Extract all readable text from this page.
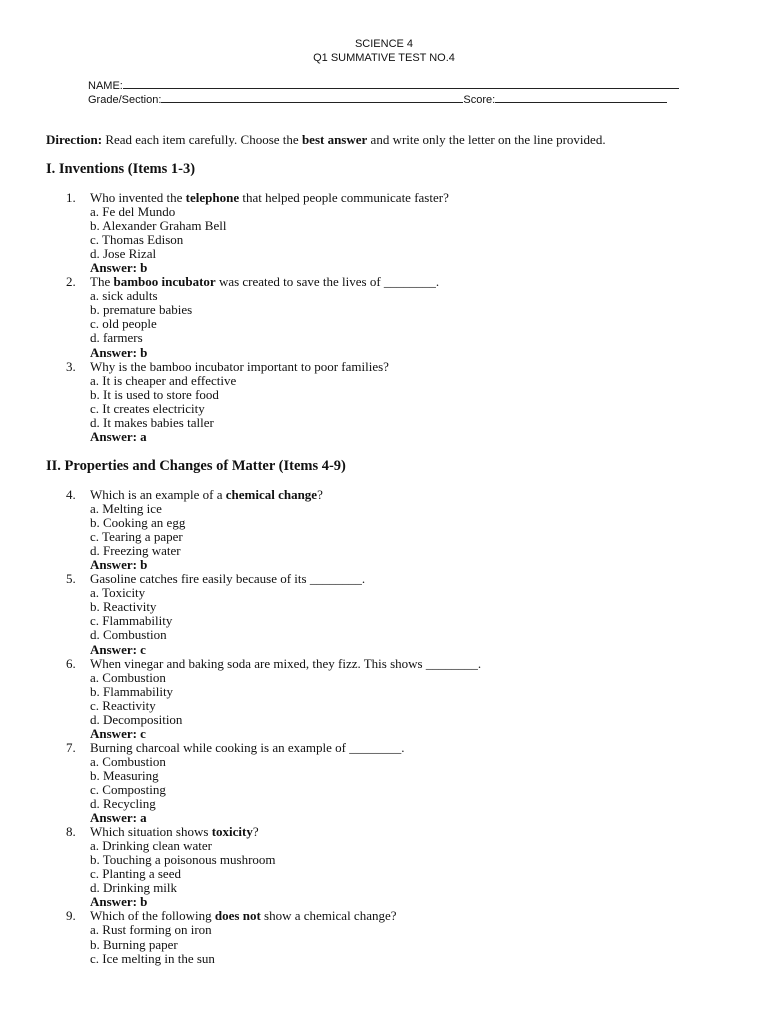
SCIENCE 4
Q1 SUMMATIVE TEST NO.4
NAME:
Grade/Section:	Score:
Direction: Read each item carefully. Choose the best answer and write only the letter on the line provided.
I. Inventions (Items 1-3)
1.	Who invented the telephone that helped people communicate faster?
a. Fe del Mundo
b. Alexander Graham Bell
c. Thomas Edison
d. Jose Rizal
Answer: b
2.	The bamboo incubator was created to save the lives of ________.
a. sick adults
b. premature babies
c. old people
d. farmers
Answer: b
3.	Why is the bamboo incubator important to poor families?
a. It is cheaper and effective
b. It is used to store food
c. It creates electricity
d. It makes babies taller
Answer: a
II. Properties and Changes of Matter (Items 4-9)
4.	Which is an example of a chemical change?
a. Melting ice
b. Cooking an egg
c. Tearing a paper
d. Freezing water
Answer: b
5.	Gasoline catches fire easily because of its ________.
a. Toxicity
b. Reactivity
c. Flammability
d. Combustion
Answer: c
6.	When vinegar and baking soda are mixed, they fizz. This shows ________.
a. Combustion
b. Flammability
c. Reactivity
d. Decomposition
Answer: c
7.	Burning charcoal while cooking is an example of ________.
a. Combustion
b. Measuring
c. Composting
d. Recycling
Answer: a
8.	Which situation shows toxicity?
a. Drinking clean water
b. Touching a poisonous mushroom
c. Planting a seed
d. Drinking milk
Answer: b
9.	Which of the following does not show a chemical change?
a. Rust forming on iron
b. Burning paper
c. Ice melting in the sun
